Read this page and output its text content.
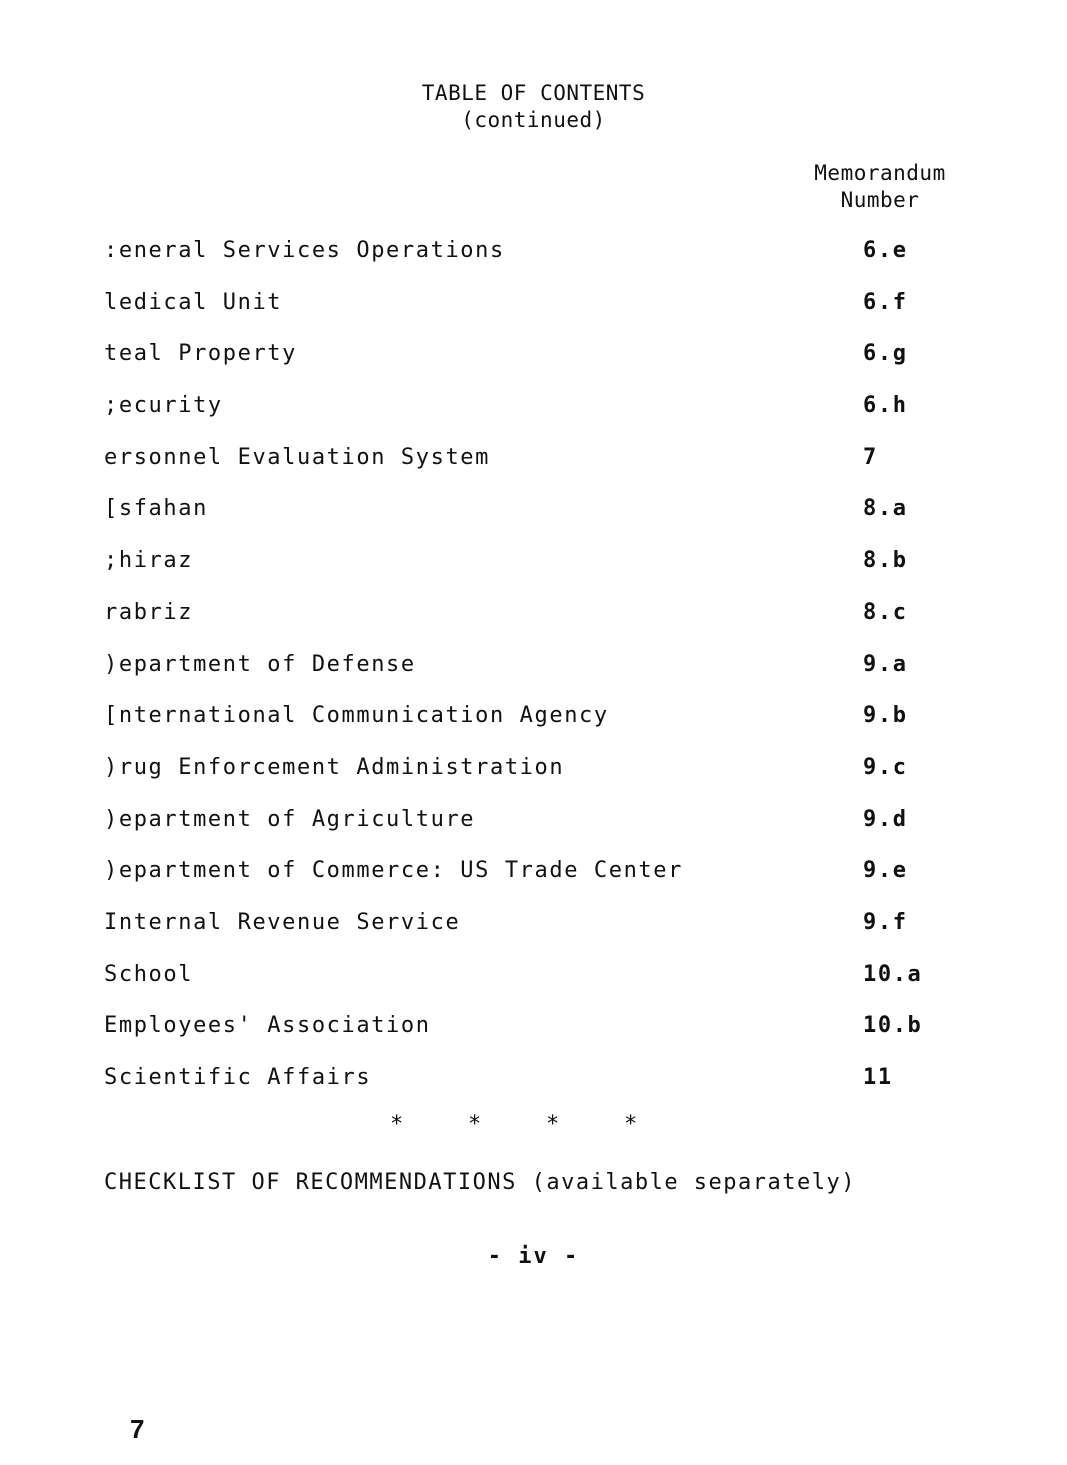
TABLE OF CONTENTS
(continued)
Memorandum
Number
:eneral Services Operations	6.e
ledical Unit	6.f
teal Property	6.g
;ecurity	6.h
ersonnel Evaluation System	7
[sfahan	8.a
;hiraz	8.b
rabriz	8.c
)epartment of Defense	9.a
[nternational Communication Agency	9.b
)rug Enforcement Administration	9.c
)epartment of Agriculture	9.d
)epartment of Commerce: US Trade Center	9.e
Internal Revenue Service	9.f
School	10.a
Employees' Association	10.b
Scientific Affairs	11
*	*	*	*
CHECKLIST OF RECOMMENDATIONS (available separately)
- iv -
7
